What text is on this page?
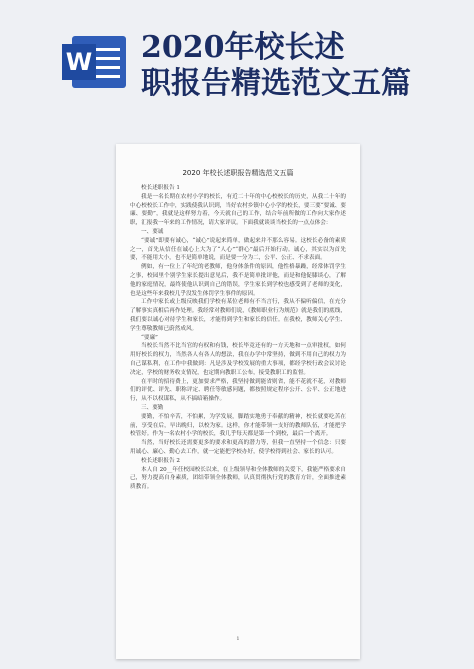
W 2020年校长述
职报告精选范文五篇
2020 年校长述职报告精选范文五篇

校长述职报告 1

我是一名长期在农村小学的校长，有近二十年的中心校校长的历史，从我二十年的中心校校长工作中，实践使我认识到，当好农村乡镇中心小学的校长，要三要“要诚、要廉、要勤”，我就是这样努力着，今天就自己的工作，结合年前所做的工作向大家作述职，汇报我一年来的工作情况，请大家评议。下面我就谈谈当校长的一点点体会：

一、要诚

“要诚”即要有诚心，“诚心”说起来简单，做起来并不那么容易。这校长必备的素质之一，首先从信任在诚心上大为了“人心”“群心”最后开始行动。诚心，其实以为首先要，不能用大小，也不是简单地说，而是要一分为二，公平、公正、不求表面。

例如，有一位上了年纪的老教师，他身体条件的原因，他性格暴躁，经常体罚学生之事，校园里个别学生家长提出意见后，我不是简单批评他，而是和他促膝谈心，了解他的家庭情况，最终使他认识到自己的错误，学生家长到学校也感受到了老师的变化，也是这些年来我校几乎没发生体罚学生事件的原因。

工作中家长或上级反映我们学校有某位老师有不当言行，我从不偏听偏信，在充分了解事实真相后再作处理。我经常对教师们说，《教师职业行为规范》就是我们的底线，我们要以诚心对待学生和家长，才能得到学生和家长的信任。在我校，教师关心学生、学生尊敬教师已蔚然成风。

“要廉”

当校长当然不比当官的有权和有钱，校长毕竟还有的一方天地和一点审批权，如何用好校长的权力，当然各人有各人的想法，我在办学中常坚持，做到不用自己的权力为自己谋私利，在工作中我做到：凡是涉及学校发展的重大事项，都经学校行政会议讨论决定，学校的财务收支情况，也定期向教职工公布，接受教职工的监督。

在平时的招待费上，更加要求严格，我坚持做到能省则省，能不花就不花，对教师们的评优、评先、职称评定、聘任等敏感问题，都按照规定程序公开、公平、公正地进行，从不以权谋私，从不搞暗箱操作。

三、要勤

要勤，不怕辛苦，不怕累，为学发展，脚踏实地勇于奉献的精神，校长就要吃苦在前，享受在后，早出晚归，以校为家。这样，你才能带领一支好的教师队伍，才能把学校管好。作为一名农村小学的校长，我几乎每天都是第一个到校，最后一个离开。

当然，当好校长还需要更多的要求和更高的潜力等，但我一直坚持一个信念：只要用诚心、廉心、勤心去工作，就一定能把学校办好，使学校得到社会、家长的认可。

校长述职报告 2

本人自 20__年任校园校长以来，在上级领导和全体教师的关爱下，我能严格要求自己，努力提高自身素质，团结带领全体教师，认真贯彻执行党的教育方针，全面推进素质教育。

1
